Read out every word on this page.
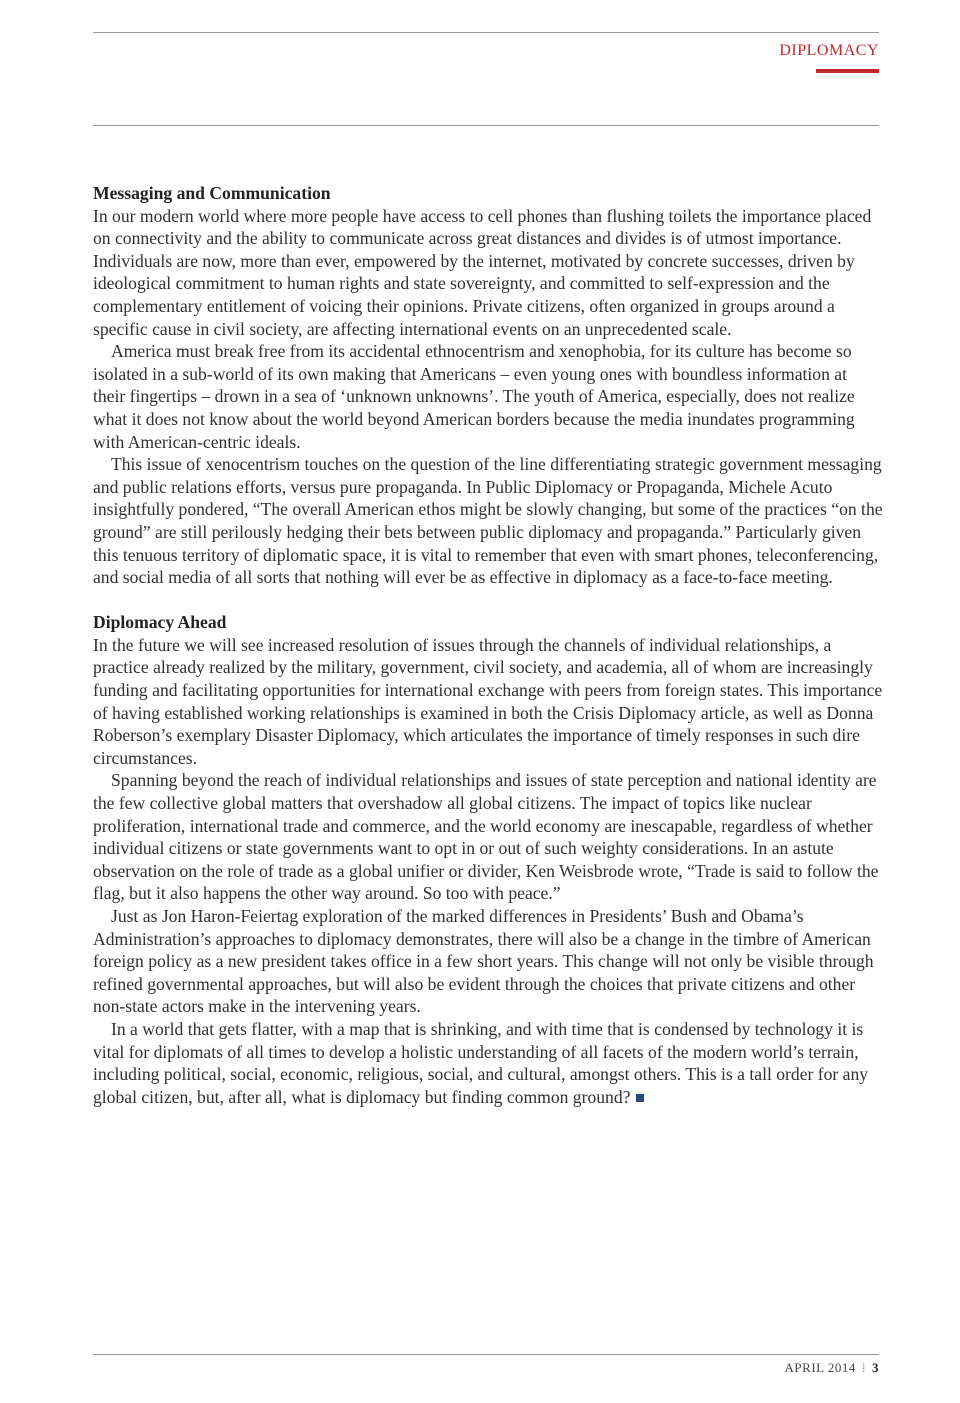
DIPLOMACY
Messaging and Communication

In our modern world where more people have access to cell phones than flushing toilets the importance placed on connectivity and the ability to communicate across great distances and divides is of utmost importance. Individuals are now, more than ever, empowered by the internet, motivated by concrete successes, driven by ideological commitment to human rights and state sovereignty, and committed to self-expression and the complementary entitlement of voicing their opinions. Private citizens, often organized in groups around a specific cause in civil society, are affecting international events on an unprecedented scale.

America must break free from its accidental ethnocentrism and xenophobia, for its culture has become so isolated in a sub-world of its own making that Americans – even young ones with boundless information at their fingertips – drown in a sea of ‘unknown unknowns’. The youth of America, especially, does not realize what it does not know about the world beyond American borders because the media inundates programming with American-centric ideals.

This issue of xenocentrism touches on the question of the line differentiating strategic government messaging and public relations efforts, versus pure propaganda. In Public Diplomacy or Propaganda, Michele Acuto insightfully pondered, “The overall American ethos might be slowly changing, but some of the practices “on the ground” are still perilously hedging their bets between public diplomacy and propaganda.” Particularly given this tenuous territory of diplomatic space, it is vital to remember that even with smart phones, teleconferencing, and social media of all sorts that nothing will ever be as effective in diplomacy as a face-to-face meeting.

Diplomacy Ahead

In the future we will see increased resolution of issues through the channels of individual relationships, a practice already realized by the military, government, civil society, and academia, all of whom are increasingly funding and facilitating opportunities for international exchange with peers from foreign states. This importance of having established working relationships is examined in both the Crisis Diplomacy article, as well as Donna Roberson’s exemplary Disaster Diplomacy, which articulates the importance of timely responses in such dire circumstances.

Spanning beyond the reach of individual relationships and issues of state perception and national identity are the few collective global matters that overshadow all global citizens. The impact of topics like nuclear proliferation, international trade and commerce, and the world economy are inescapable, regardless of whether individual citizens or state governments want to opt in or out of such weighty considerations. In an astute observation on the role of trade as a global unifier or divider, Ken Weisbrode wrote, “Trade is said to follow the flag, but it also happens the other way around. So too with peace.”

Just as Jon Haron-Feiertag exploration of the marked differences in Presidents’ Bush and Obama’s Administration’s approaches to diplomacy demonstrates, there will also be a change in the timbre of American foreign policy as a new president takes office in a few short years. This change will not only be visible through refined governmental approaches, but will also be evident through the choices that private citizens and other non-state actors make in the intervening years.

In a world that gets flatter, with a map that is shrinking, and with time that is condensed by technology it is vital for diplomats of all times to develop a holistic understanding of all facets of the modern world’s terrain, including political, social, economic, religious, social, and cultural, amongst others. This is a tall order for any global citizen, but, after all, what is diplomacy but finding common ground?

APRIL 2014 ⁞ 3
